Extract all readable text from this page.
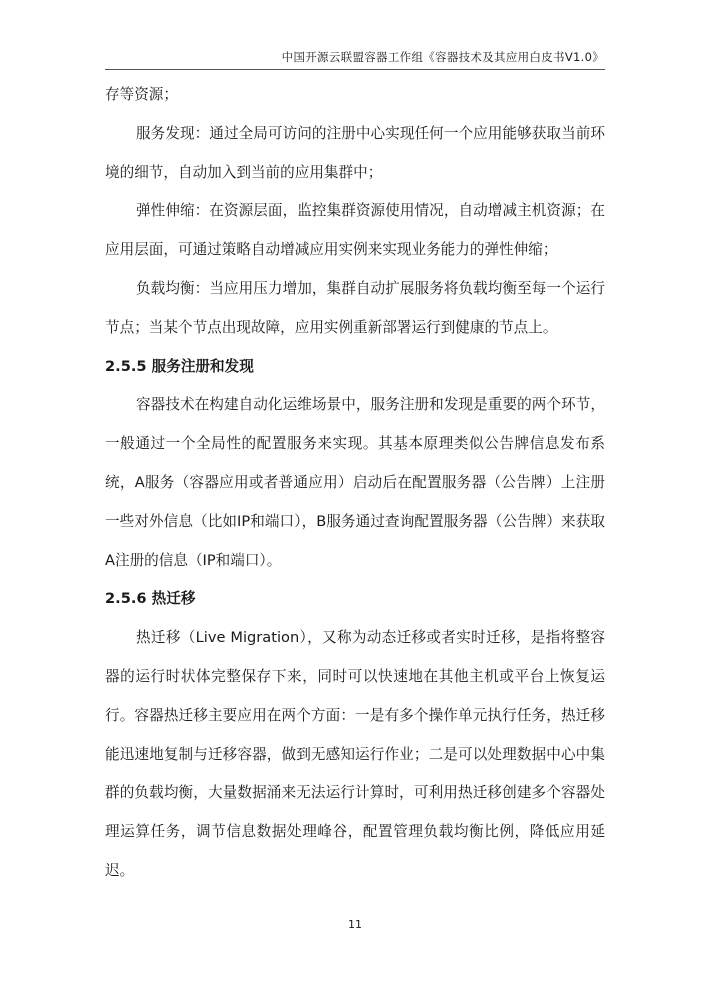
中国开源云联盟容器工作组《容器技术及其应用白皮书V1.0》

存等资源；

服务发现：通过全局可访问的注册中心实现任何一个应用能够获取当前环境的细节，自动加入到当前的应用集群中；

弹性伸缩：在资源层面，监控集群资源使用情况，自动增减主机资源；在应用层面，可通过策略自动增减应用实例来实现业务能力的弹性伸缩；

负载均衡：当应用压力增加，集群自动扩展服务将负载均衡至每一个运行节点；当某个节点出现故障，应用实例重新部署运行到健康的节点上。

2.5.5 服务注册和发现

容器技术在构建自动化运维场景中，服务注册和发现是重要的两个环节，一般通过一个全局性的配置服务来实现。其基本原理类似公告牌信息发布系统，A服务（容器应用或者普通应用）启动后在配置服务器（公告牌）上注册一些对外信息（比如IP和端口），B服务通过查询配置服务器（公告牌）来获取A注册的信息（IP和端口）。

2.5.6 热迁移

热迁移（Live Migration），又称为动态迁移或者实时迁移，是指将整容器的运行时状体完整保存下来，同时可以快速地在其他主机或平台上恢复运行。容器热迁移主要应用在两个方面：一是有多个操作单元执行任务，热迁移能迅速地复制与迁移容器，做到无感知运行作业；二是可以处理数据中心中集群的负载均衡，大量数据涌来无法运行计算时，可利用热迁移创建多个容器处理运算任务，调节信息数据处理峰谷，配置管理负载均衡比例，降低应用延迟。

11
